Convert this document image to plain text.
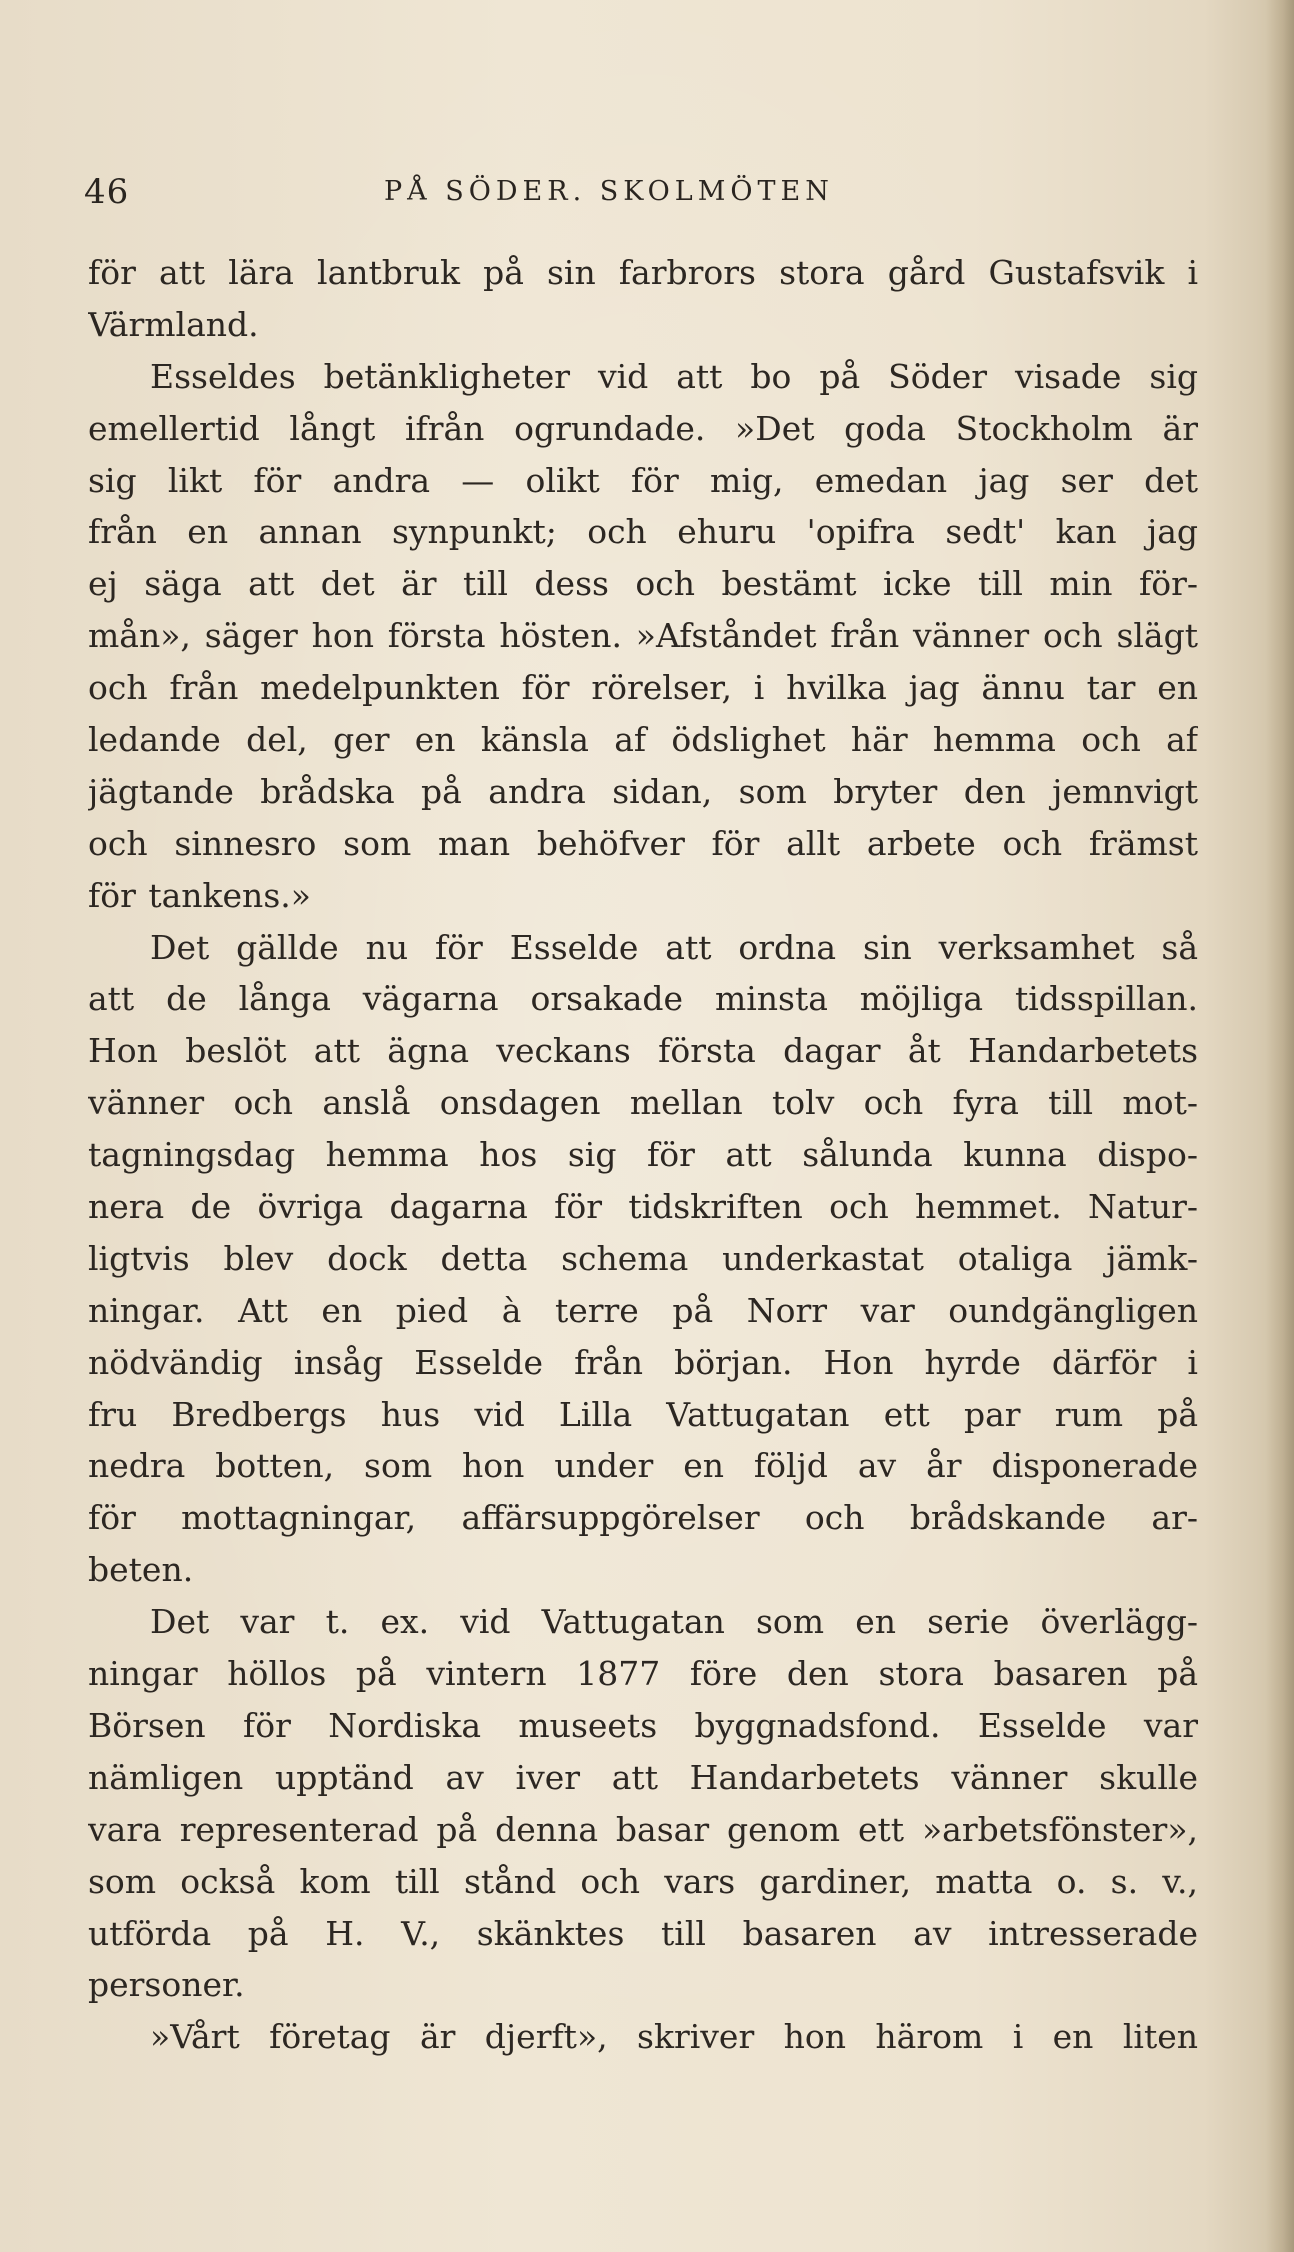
46	PÅ SÖDER. SKOLMÖTEN
för att lära lantbruk på sin farbrors stora gård Gustafsvik i
Värmland.
Esseldes betänkligheter vid att bo på Söder visade sig
emellertid långt ifrån ogrundade. »Det goda Stockholm är
sig likt för andra — olikt för mig, emedan jag ser det
från en annan synpunkt; och ehuru 'opifra sedt' kan jag
ej säga att det är till dess och bestämt icke till min för-
mån», säger hon första hösten. »Afståndet från vänner och slägt
och från medelpunkten för rörelser, i hvilka jag ännu tar en
ledande del, ger en känsla af ödslighet här hemma och af
jägtande brådska på andra sidan, som bryter den jemnvigt
och sinnesro som man behöfver för allt arbete och främst
för tankens.»
Det gällde nu för Esselde att ordna sin verksamhet så
att de långa vägarna orsakade minsta möjliga tidsspillan.
Hon beslöt att ägna veckans första dagar åt Handarbetets
vänner och anslå onsdagen mellan tolv och fyra till mot-
tagningsdag hemma hos sig för att sålunda kunna dispo-
nera de övriga dagarna för tidskriften och hemmet. Natur-
ligtvis blev dock detta schema underkastat otaliga jämk-
ningar. Att en pied à terre på Norr var oundgängligen
nödvändig insåg Esselde från början. Hon hyrde därför i
fru Bredbergs hus vid Lilla Vattugatan ett par rum på
nedra botten, som hon under en följd av år disponerade
för mottagningar, affärsuppgörelser och brådskande ar-
beten.
Det var t. ex. vid Vattugatan som en serie överlägg-
ningar höllos på vintern 1877 före den stora basaren på
Börsen för Nordiska museets byggnadsfond. Esselde var
nämligen upptänd av iver att Handarbetets vänner skulle
vara representerad på denna basar genom ett »arbetsfönster»,
som också kom till stånd och vars gardiner, matta o. s. v.,
utförda på H. V., skänktes till basaren av intresserade
personer.
»Vårt företag är djerft», skriver hon härom i en liten
